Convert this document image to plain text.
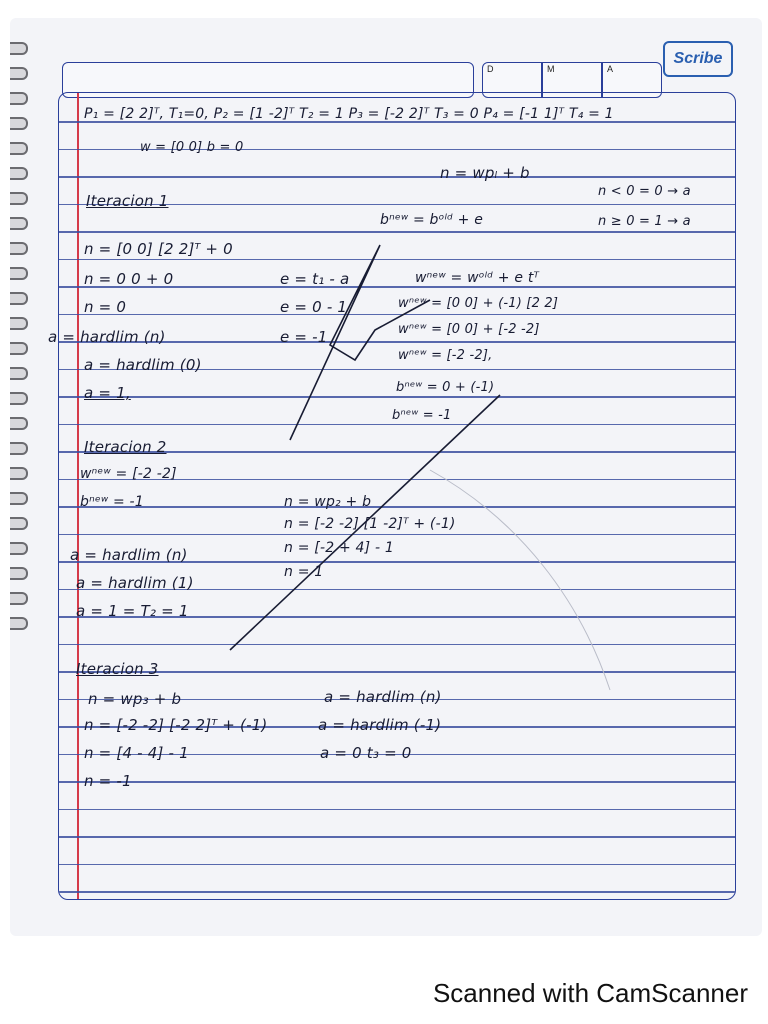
D	M	A
Scribe
P₁ = [2 2]ᵀ, T₁=0, P₂ = [1 -2]ᵀ T₂ = 1 P₃ = [-2 2]ᵀ T₃ = 0 P₄ = [-1 1]ᵀ T₄ = 1
w = [0 0] b = 0
n = wpₗ + b
Iteracion 1
n < 0 = 0 → a
n ≥ 0 = 1 → a
bⁿᵉʷ = bᵒˡᵈ + e
n = [0 0] [2 2]ᵀ + 0
n = 0 0 + 0
n = 0
a = hardlim (n)
a = hardlim (0)
a = 1,
e = t₁ - a
e = 0 - 1
e = -1
wⁿᵉʷ = wᵒˡᵈ + e tᵀ
wⁿᵉʷ = [0 0] + (-1) [2 2]
wⁿᵉʷ = [0 0] + [-2 -2]
wⁿᵉʷ = [-2 -2],
bⁿᵉʷ = 0 + (-1)
bⁿᵉʷ = -1
Iteracion 2
wⁿᵉʷ = [-2 -2]
bⁿᵉʷ = -1	n = wp₂ + b
n = [-2 -2] [1 -2]ᵀ + (-1)
n = [-2 + 4] - 1
n = 1
a = hardlim (n)
a = hardlim (1)
a = 1 = T₂ = 1
Iteracion 3
n = wp₃ + b
n = [-2 -2] [-2 2]ᵀ + (-1)
n = [4 - 4] - 1
n = -1
a = hardlim (n)
a = hardlim (-1)
a = 0 t₃ = 0
Scanned with CamScanner
